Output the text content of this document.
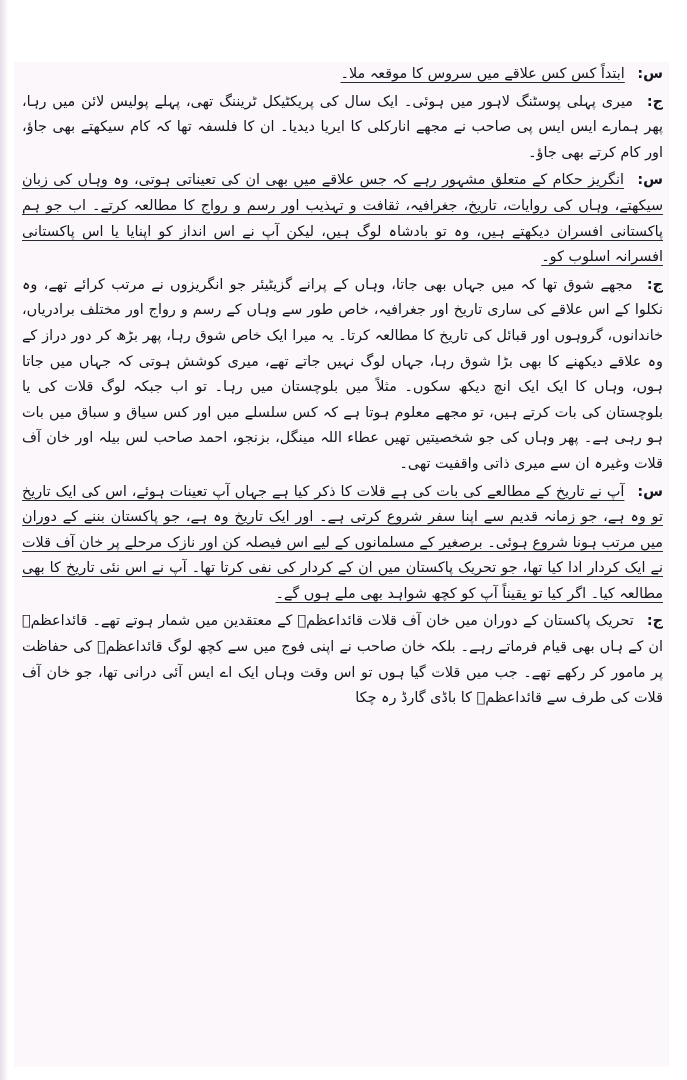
س: ابتداً کس کس علاقے میں سروس کا موقعہ ملا۔

ج: میری پہلی پوسٹنگ لاہور میں ہوئی۔ ایک سال کی پریکٹیکل ٹریننگ تھی، پہلے پولیس لائن میں رہا، پھر ہمارے ایس ایس پی صاحب نے مجھے انارکلی کا ایریا دیدیا۔ ان کا فلسفہ تھا کہ کام سیکھتے بھی جاؤ، اور کام کرتے بھی جاؤ۔

س: انگریز حکام کے متعلق مشہور رہے کہ جس علاقے میں بھی ان کی تعیناتی ہوتی، وہ وہاں کی زبان سیکھتے، وہاں کی روایات، تاریخ، جغرافیہ، ثقافت و تہذیب اور رسم و رواج کا مطالعہ کرتے۔ اب جو ہم پاکستانی افسران دیکھتے ہیں، وہ تو بادشاہ لوگ ہیں، لیکن آپ نے اس انداز کو اپنایا یا اس پاکستانی افسرانہ اسلوب کو۔

ج: مجھے شوق تھا کہ میں جہاں بھی جاتا، وہاں کے پرانے گزیٹیئر جو انگریزوں نے مرتب کرائے تھے، وہ نکلوا کے اس علاقے کی ساری تاریخ اور جغرافیہ، خاص طور سے وہاں کے رسم و رواج اور مختلف برادریاں، خاندانوں، گروہوں اور قبائل کی تاریخ کا مطالعہ کرتا۔ یہ میرا ایک خاص شوق رہا، پھر بڑھ کر دور دراز کے وہ علاقے دیکھنے کا بھی بڑا شوق رہا، جہاں لوگ نہیں جاتے تھے، میری کوشش ہوتی کہ جہاں میں جاتا ہوں، وہاں کا ایک ایک انچ دیکھ سکوں۔ مثلاً میں بلوچستان میں رہا۔ تو اب جبکہ لوگ قلات کی یا بلوچستان کی بات کرتے ہیں، تو مجھے معلوم ہوتا ہے کہ کس سلسلے میں اور کس سیاق و سباق میں بات ہو رہی ہے۔ پھر وہاں کی جو شخصیتیں تھیں عطاء اللہ مینگل، بزنجو، احمد صاحب لس بیلہ اور خان آف قلات وغیرہ ان سے میری ذاتی واقفیت تھی۔

س: آپ نے تاریخ کے مطالعے کی بات کی ہے قلات کا ذکر کیا ہے جہاں آپ تعینات ہوئے، اس کی ایک تاریخ تو وہ ہے، جو زمانہ قدیم سے اپنا سفر شروع کرتی ہے۔ اور ایک تاریخ وہ ہے، جو پاکستان بننے کے دوران میں مرتب ہونا شروع ہوئی۔ برصغیر کے مسلمانوں کے لیے اس فیصلہ کن اور نازک مرحلے پر خان آف قلات نے ایک کردار ادا کیا تھا، جو تحریک پاکستان میں ان کے کردار کی نفی کرتا تھا۔ آپ نے اس نئی تاریخ کا بھی مطالعہ کیا۔ اگر کیا تو یقیناً آپ کو کچھ شواہد بھی ملے ہوں گے۔

ج: تحریک پاکستان کے دوران میں خان آف قلات قائداعظمؒ کے معتقدین میں شمار ہوتے تھے۔ قائداعظمؒ ان کے ہاں بھی قیام فرماتے رہے۔ بلکہ خان صاحب نے اپنی فوج میں سے کچھ لوگ قائداعظمؒ کی حفاظت پر مامور کر رکھے تھے۔ جب میں قلات گیا ہوں تو اس وقت وہاں ایک اے ایس آئی درانی تھا، جو خان آف قلات کی طرف سے قائداعظمؒ کا باڈی گارڈ رہ چکا
